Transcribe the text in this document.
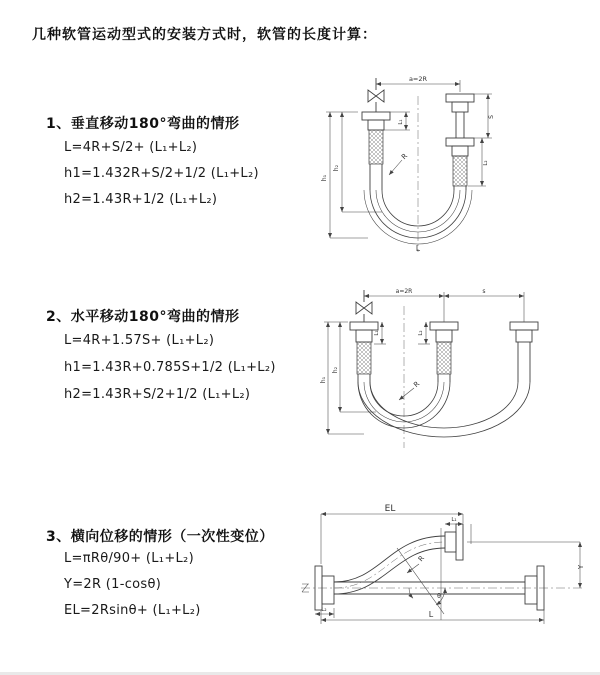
几种软管运动型式的安装方式时，软管的长度计算：
1、垂直移动180°弯曲的情形
L=4R+S/2+ (L₁+L₂)
h1=1.432R+S/2+1/2 (L₁+L₂)
h2=1.43R+1/2 (L₁+L₂)
2、水平移动180°弯曲的情形
L=4R+1.57S+ (L₁+L₂)
h1=1.43R+0.785S+1/2 (L₁+L₂)
h2=1.43R+S/2+1/2 (L₁+L₂)
3、横向位移的情形（一次性变位）
L=πRθ/90+ (L₁+L₂)
Y=2R (1-cosθ)
EL=2Rsinθ+ (L₁+L₂)
a=2R
h₁
h₂
L₁
S
L₂
R
L
a=2R	s
h₁
h₂
L₁	L₂
R
EL
L₁
Y
θ
R
L
L₂
